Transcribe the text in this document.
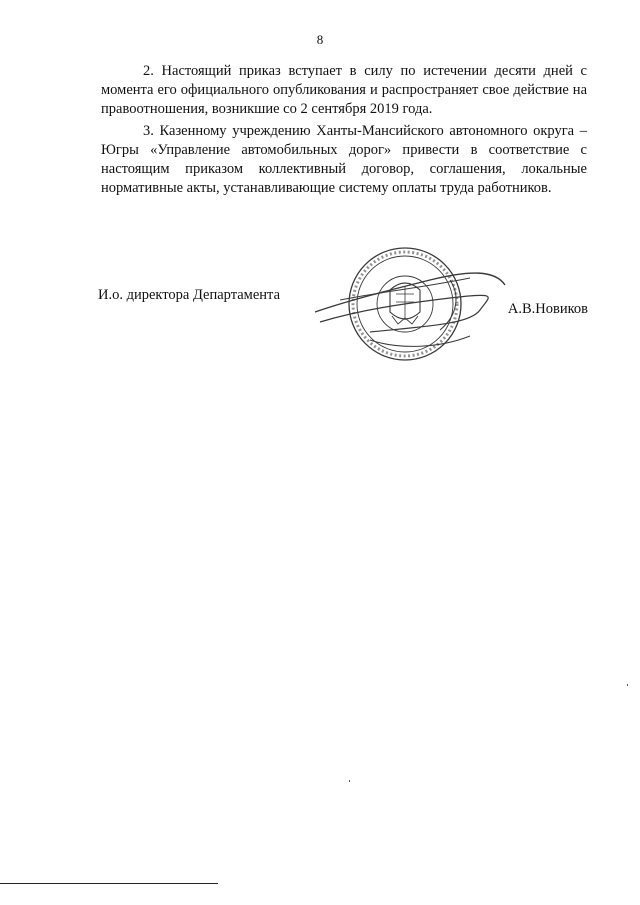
8

2. Настоящий приказ вступает в силу по истечении десяти дней с момента его официального опубликования и распространяет свое действие на правоотношения, возникшие со 2 сентября 2019 года.

3. Казенному учреждению Ханты-Мансийского автономного округа – Югры «Управление автомобильных дорог» привести в соответствие с настоящим приказом коллективный договор, соглашения, локальные нормативные акты, устанавливающие систему оплаты труда работников.

И.о. директора Департамента
А.В.Новиков
